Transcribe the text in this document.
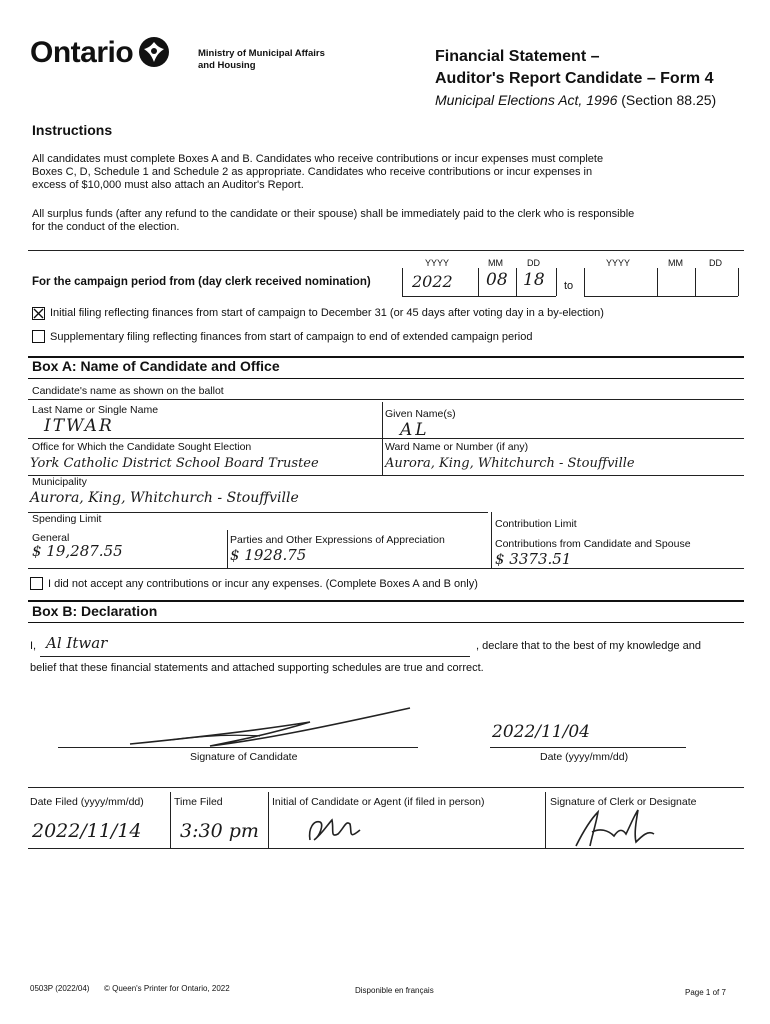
Ontario	Ministry of Municipal Affairs
and Housing
Financial Statement –
Auditor's Report Candidate – Form 4
Municipal Elections Act, 1996 (Section 88.25)
Instructions
All candidates must complete Boxes A and B. Candidates who receive contributions or incur expenses must complete
Boxes C, D, Schedule 1 and Schedule 2 as appropriate. Candidates who receive contributions or incur expenses in
excess of $10,000 must also attach an Auditor's Report.
All surplus funds (after any refund to the candidate or their spouse) shall be immediately paid to the clerk who is responsible
for the conduct of the election.
For the campaign period from (day clerk received nomination)
YYYY	MM	DD
2022 08 18 to
YYYY	MM	DD
Initial filing reflecting finances from start of campaign to December 31 (or 45 days after voting day in a by-election)
Supplementary filing reflecting finances from start of campaign to end of extended campaign period
Box A: Name of Candidate and Office
Candidate's name as shown on the ballot
Last Name or Single Name
ITWAR
Given Name(s)
AL
Office for Which the Candidate Sought Election
York Catholic District School Board Trustee
Ward Name or Number (if any)
Aurora, King, Whitchurch - Stouffville
Municipality
Aurora, King, Whitchurch - Stouffville
Spending Limit	Contribution Limit
General
$ 19,287.55
Parties and Other Expressions of Appreciation
$ 1928.75
Contributions from Candidate and Spouse
$ 3373.51
I did not accept any contributions or incur any expenses. (Complete Boxes A and B only)
Box B: Declaration
I, Al Itwar	, declare that to the best of my knowledge and
belief that these financial statements and attached supporting schedules are true and correct.
Signature of Candidate
2022/11/04
Date (yyyy/mm/dd)
Date Filed (yyyy/mm/dd)
2022/11/14
Time Filed
3:30 pm
Initial of Candidate or Agent (if filed in person)	Signature of Clerk or Designate
0503P (2022/04) © Queen's Printer for Ontario, 2022	Disponible en français	Page 1 of 7
